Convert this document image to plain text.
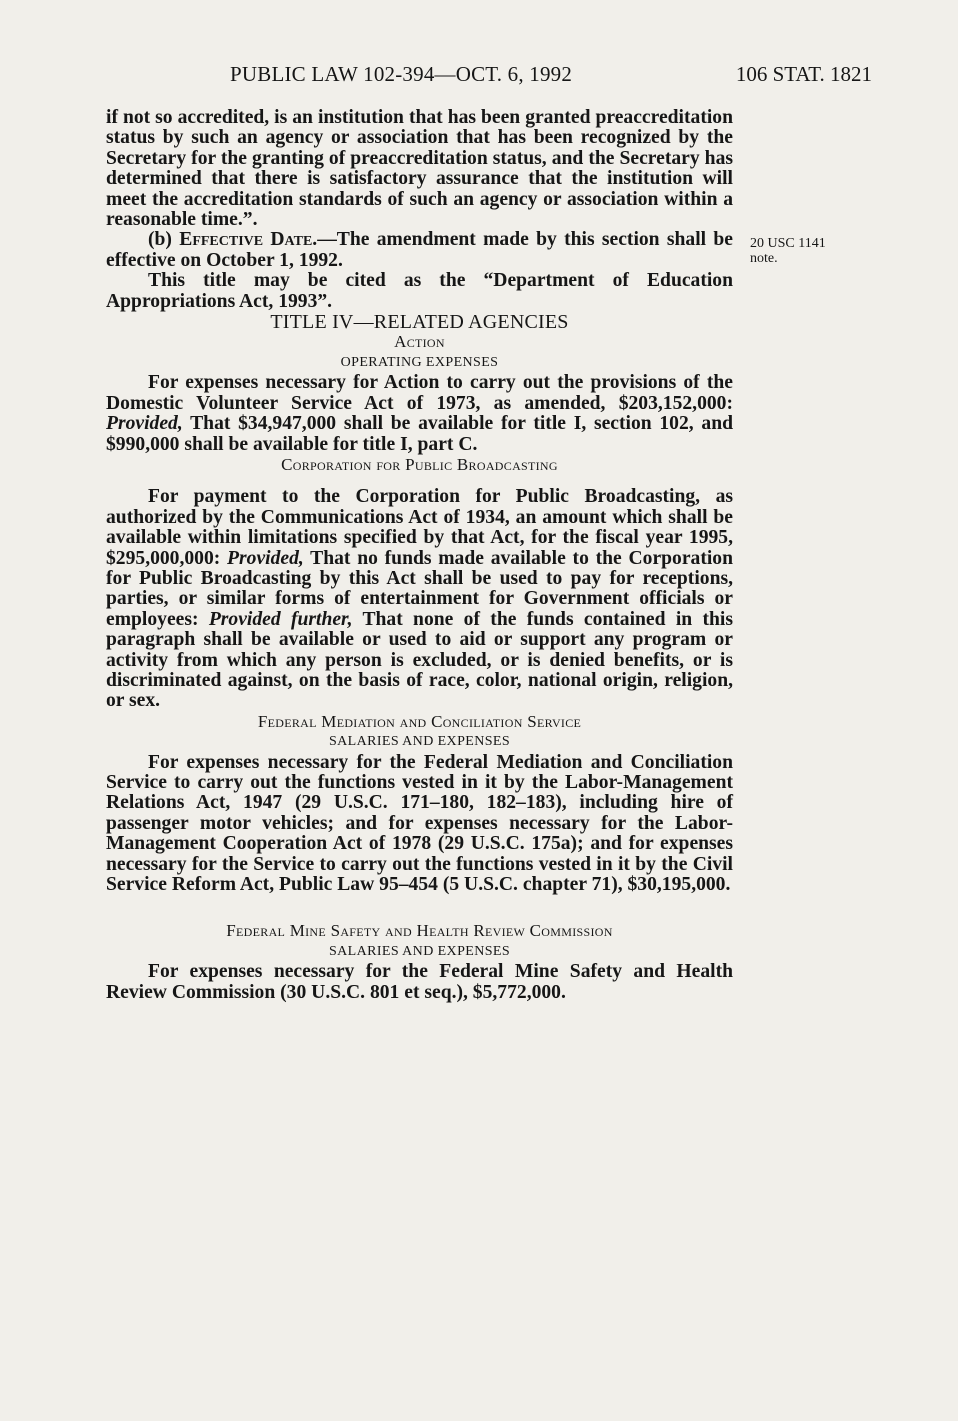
PUBLIC LAW 102-394—OCT. 6, 1992	106 STAT. 1821
20 USC 1141
note.

if not so accredited, is an institution that has been granted preaccreditation status by such an agency or association that has been recognized by the Secretary for the granting of preaccreditation status, and the Secretary has determined that there is satisfactory assurance that the institution will meet the accreditation standards of such an agency or association within a reasonable time.”.

(b) Effective Date.—The amendment made by this section shall be effective on October 1, 1992.

This title may be cited as the “Department of Education Appropriations Act, 1993”.

TITLE IV—RELATED AGENCIES

Action

OPERATING EXPENSES

For expenses necessary for Action to carry out the provisions of the Domestic Volunteer Service Act of 1973, as amended, $203,152,000: Provided, That $34,947,000 shall be available for title I, section 102, and $990,000 shall be available for title I, part C.

Corporation for Public Broadcasting

For payment to the Corporation for Public Broadcasting, as authorized by the Communications Act of 1934, an amount which shall be available within limitations specified by that Act, for the fiscal year 1995, $295,000,000: Provided, That no funds made available to the Corporation for Public Broadcasting by this Act shall be used to pay for receptions, parties, or similar forms of entertainment for Government officials or employees: Provided further, That none of the funds contained in this paragraph shall be available or used to aid or support any program or activity from which any person is excluded, or is denied benefits, or is discriminated against, on the basis of race, color, national origin, religion, or sex.

Federal Mediation and Conciliation Service

SALARIES AND EXPENSES

For expenses necessary for the Federal Mediation and Conciliation Service to carry out the functions vested in it by the Labor-Management Relations Act, 1947 (29 U.S.C. 171–180, 182–183), including hire of passenger motor vehicles; and for expenses necessary for the Labor-Management Cooperation Act of 1978 (29 U.S.C. 175a); and for expenses necessary for the Service to carry out the functions vested in it by the Civil Service Reform Act, Public Law 95–454 (5 U.S.C. chapter 71), $30,195,000.

Federal Mine Safety and Health Review Commission

SALARIES AND EXPENSES

For expenses necessary for the Federal Mine Safety and Health Review Commission (30 U.S.C. 801 et seq.), $5,772,000.
